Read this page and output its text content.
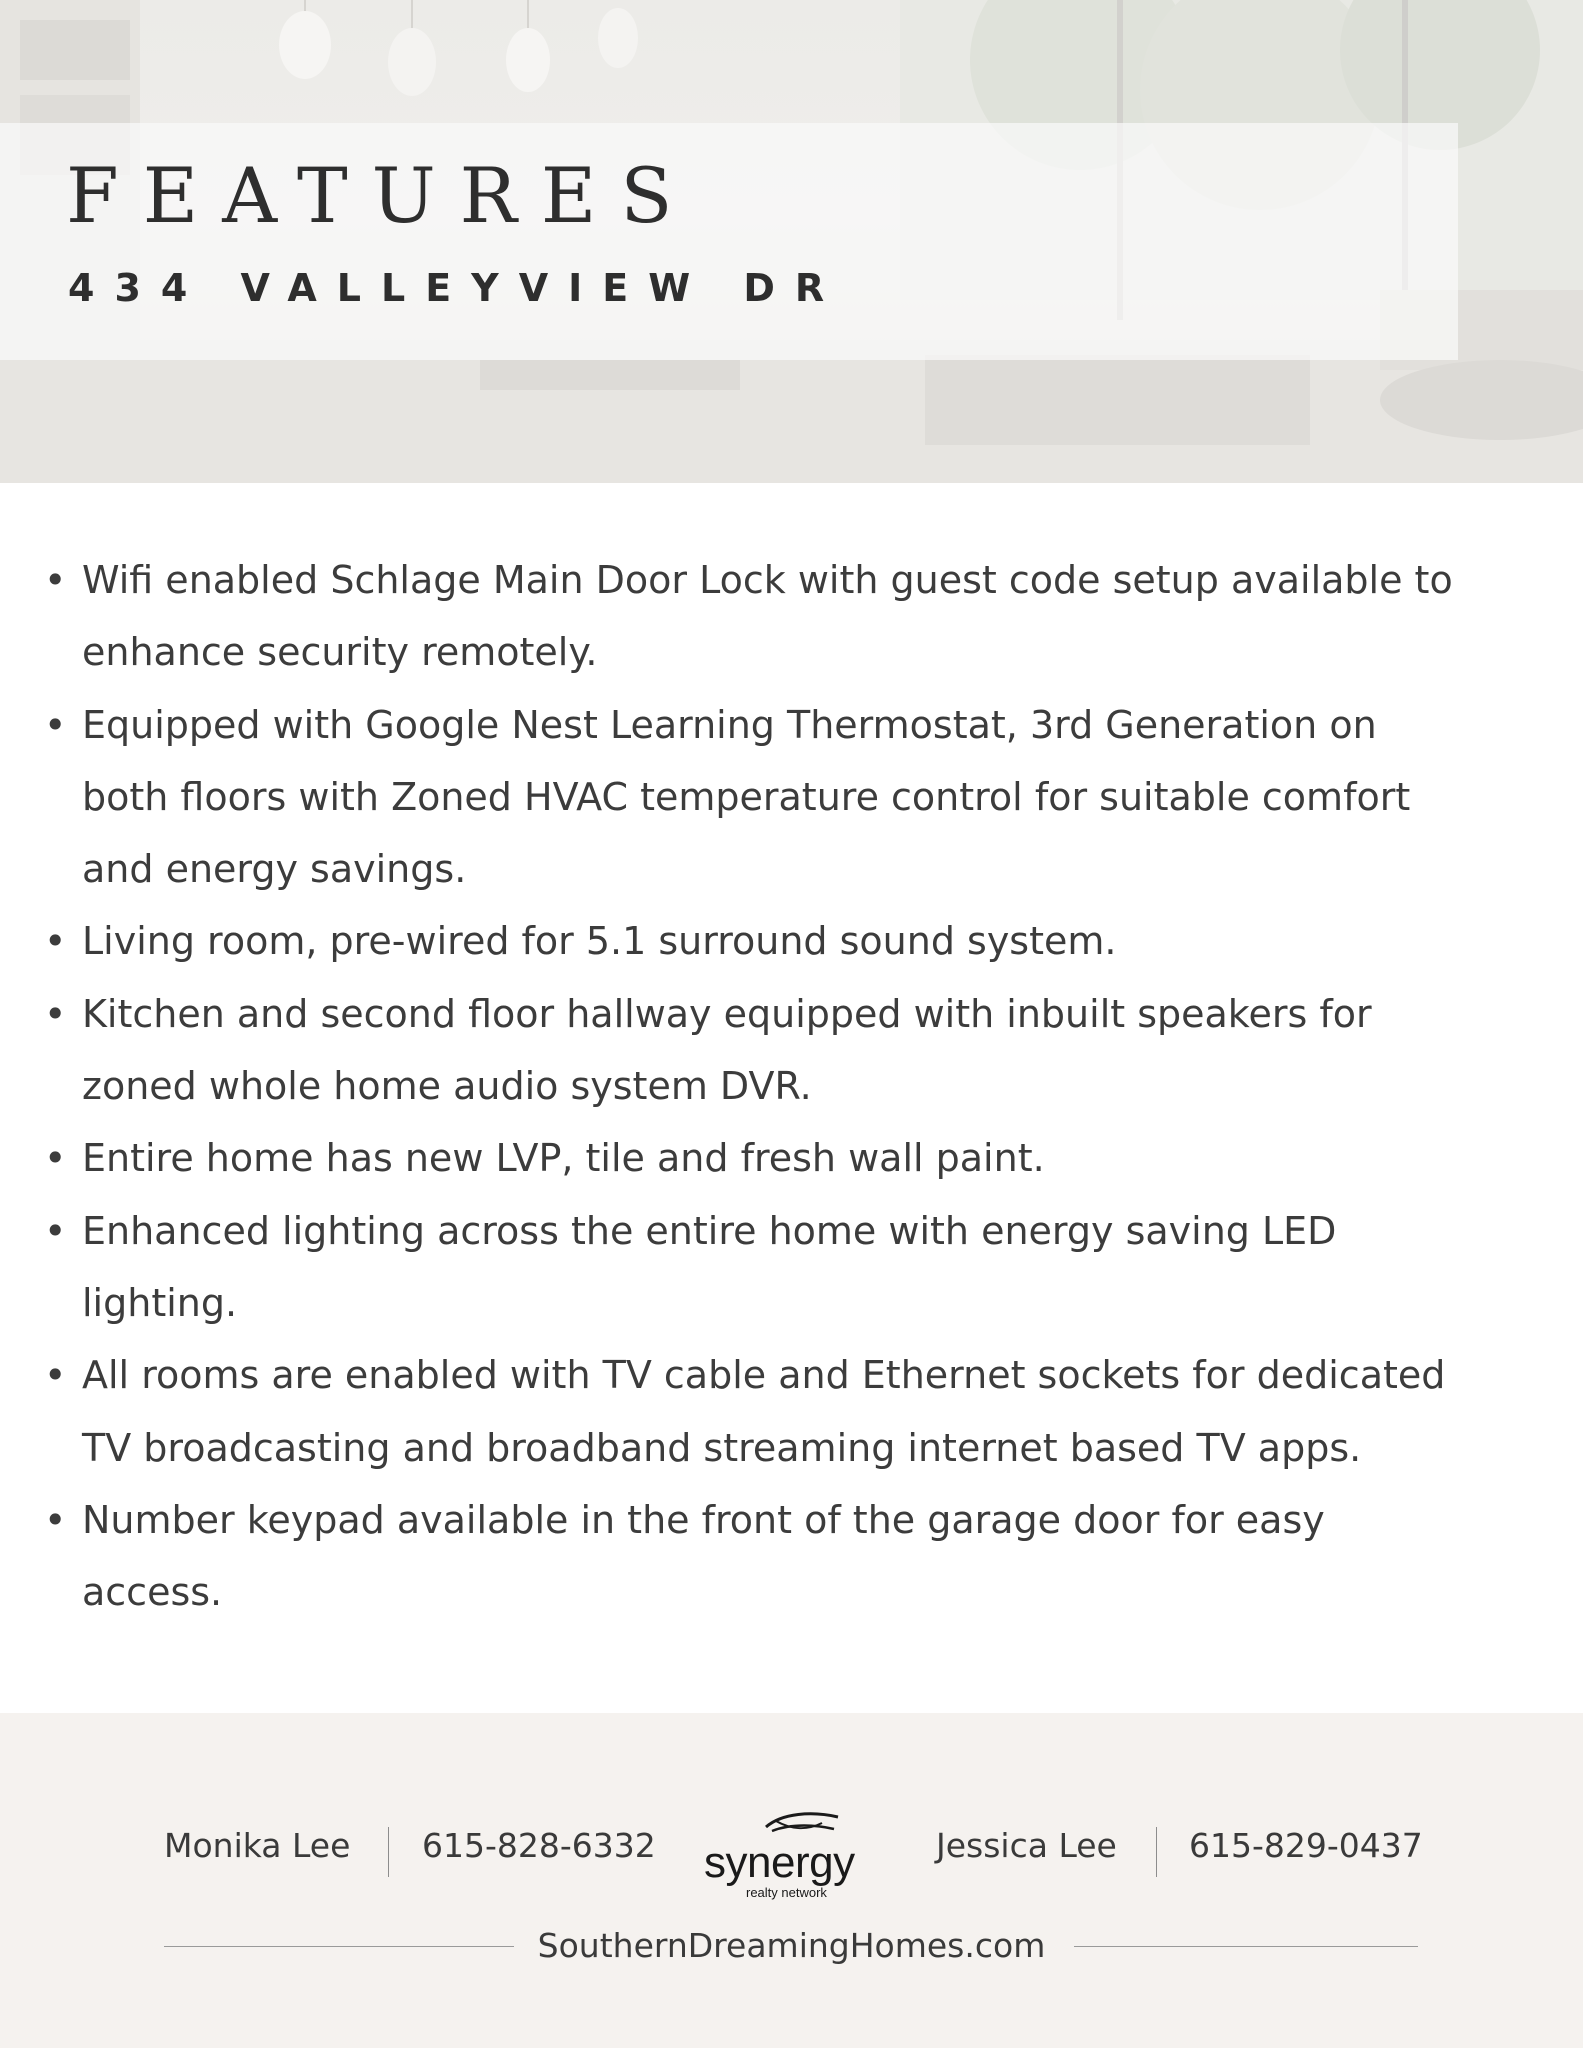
FEATURES
434 VALLEYVIEW DR
• Wifi enabled Schlage Main Door Lock with guest code setup available to
enhance security remotely.
• Equipped with Google Nest Learning Thermostat, 3rd Generation on
both floors with Zoned HVAC temperature control for suitable comfort
and energy savings.
• Living room, pre-wired for 5.1 surround sound system.
• Kitchen and second floor hallway equipped with inbuilt speakers for
zoned whole home audio system DVR.
• Entire home has new LVP, tile and fresh wall paint.
• Enhanced lighting across the entire home with energy saving LED
lighting.
• All rooms are enabled with TV cable and Ethernet sockets for dedicated
TV broadcasting and broadband streaming internet based TV apps.
• Number keypad available in the front of the garage door for easy
access.
Monika Lee 615-828-6332 synergy
realty network
Jessica Lee 615-829-0437
SouthernDreamingHomes.com
